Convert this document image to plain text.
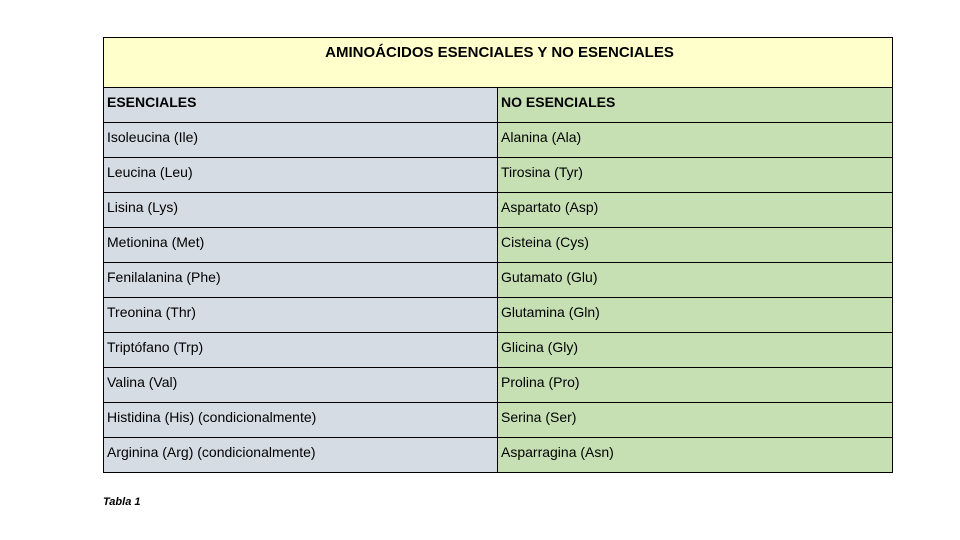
AMINOÁCIDOS ESENCIALES Y NO ESENCIALES	
ESENCIALES	NO ESENCIALES
Isoleucina (Ile)	Alanina (Ala)
Leucina (Leu)	Tirosina (Tyr)
Lisina (Lys)	Aspartato (Asp)
Metionina (Met)	Cisteina (Cys)
Fenilalanina (Phe)	Gutamato (Glu)
Treonina (Thr)	Glutamina (Gln)
Triptófano (Trp)	Glicina (Gly)
Valina (Val)	Prolina (Pro)
Histidina (His) (condicionalmente)	Serina (Ser)
Arginina (Arg) (condicionalmente)	Asparragina (Asn)
Tabla 1
